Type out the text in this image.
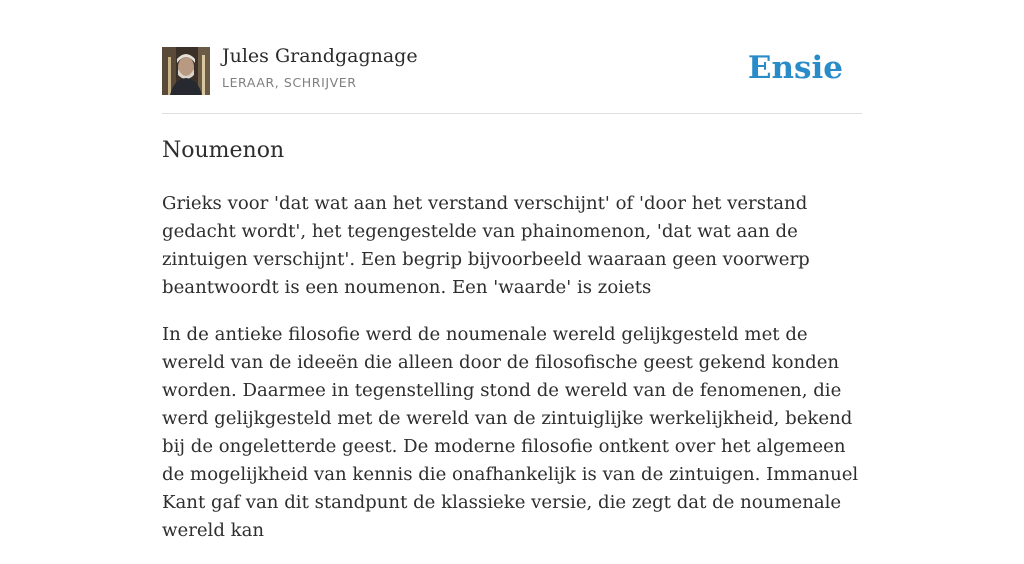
Jules Grandgagnage
LERAAR, SCHRIJVER	Ensie
Noumenon

Grieks voor 'dat wat aan het verstand verschijnt' of 'door het verstand gedacht wordt', het tegengestelde van phainomenon, 'dat wat aan de zintuigen verschijnt'. Een begrip bijvoorbeeld waaraan geen voorwerp beantwoordt is een noumenon. Een 'waarde' is zoiets

In de antieke filosofie werd de noumenale wereld gelijkgesteld met de wereld van de ideeën die alleen door de filosofische geest gekend konden worden. Daarmee in tegenstelling stond de wereld van de fenomenen, die werd gelijkgesteld met de wereld van de zintuiglijke werkelijkheid, bekend bij de ongeletterde geest. De moderne filosofie ontkent over het algemeen de mogelijkheid van kennis die onafhankelijk is van de zintuigen. Immanuel Kant gaf van dit standpunt de klassieke versie, die zegt dat de noumenale wereld kan
